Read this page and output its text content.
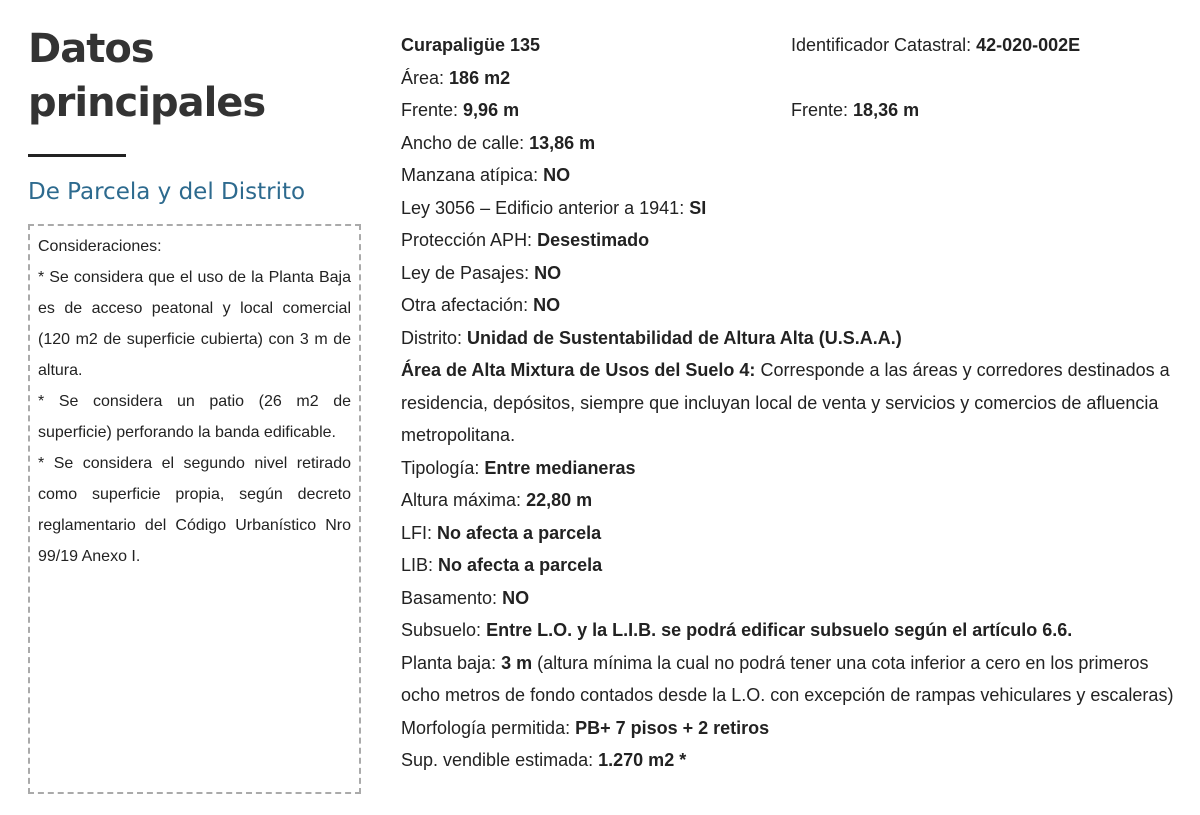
Datos
principales
De Parcela y del Distrito

Consideraciones:

* Se considera que el uso de la Planta Baja es de acceso peatonal y local comercial (120 m2 de superficie cubierta) con 3 m de altura.

* Se considera un patio (26 m2 de superficie) perforando la banda edificable.

* Se considera el segundo nivel retirado como superficie propia, según decreto reglamentario del Código Urbanístico Nro 99/19 Anexo I.

Curapaligüe 135	Identificador Catastral: 42-020-002E
Área: 186 m2
Frente: 9,96 m	Frente: 18,36 m
Ancho de calle: 13,86 m
Manzana atípica: NO
Ley 3056 – Edificio anterior a 1941: SI
Protección APH: Desestimado
Ley de Pasajes: NO
Otra afectación: NO
Distrito: Unidad de Sustentabilidad de Altura Alta (U.S.A.A.)
Área de Alta Mixtura de Usos del Suelo 4: Corresponde a las áreas y corredores destinados a residencia, depósitos, siempre que incluyan local de venta y servicios y comercios de afluencia metropolitana.
Tipología: Entre medianeras
Altura máxima: 22,80 m
LFI: No afecta a parcela
LIB: No afecta a parcela
Basamento: NO
Subsuelo: Entre L.O. y la L.I.B. se podrá edificar subsuelo según el artículo 6.6.
Planta baja: 3 m (altura mínima la cual no podrá tener una cota inferior a cero en los primeros ocho metros de fondo contados desde la L.O. con excepción de rampas vehiculares y escaleras)
Morfología permitida: PB+ 7 pisos + 2 retiros
Sup. vendible estimada: 1.270 m2 *
